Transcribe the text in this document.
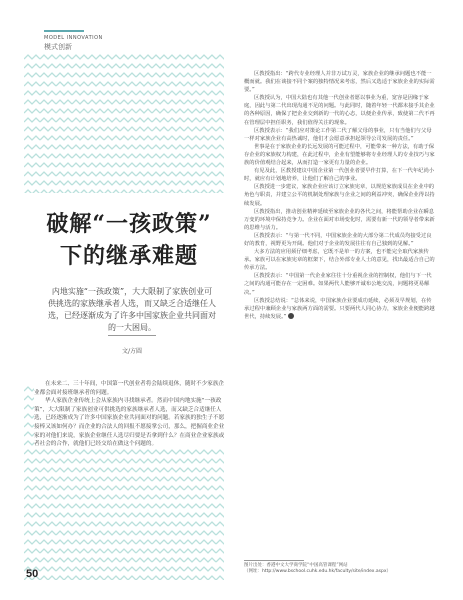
MODEL INNOVATION
模式创新
破解“一孩政策”
下的继承难题
内地实施“一孩政策”，大大限制了家族创业可供挑选的家族继承者人选，而又缺乏合适继任人选，已经逐渐成为了许多中国家族企业共同面对的一大困局。
文/方圆

在未来二、三十年间，中国第一代创业者将会陆续退休，随时不少家族企业都会面对接班继承者的问题。

华人家族企业传统上会从家族内寻找继承者。然而中国内地实施“一孩政策”，大大限制了家族创业可供挑选的家族继承者人选，而又缺乏合适继任人选，已经逐渐成为了许多中国家族企业共同面对的问题。若家族的独生子不愿接棒又该如何办？而企业的合法人的回报不愿接掌公司，那么，把握商业企业家的对他们来说，家族企业继任人选尽归要是否拿到什么？在商业企业家族或者社会的合作，就他们已经交给在做这个问题的。

区教授指出：“跨代专业经理人并非万试万灵，家族企业的继承问题也不能一概而就。我们在谈接不同个案的独特情况来考虑，然后又选适于家族企业的实际需要。”

区教授认为，中国大陆也有其他一代创业者愿以事业为重，宽容是因缘于家庭，因此与第二代出现沟通不足的问题。与此同时，随着年轻一代都未接手其企业的各种原因，确保了把企业交到新的一代的心态，以便企业传承，致使第二代不再在管理层中担任职务，我们值得关注的现象。

区教授表示：“我们应对策论工作第二代了解父母的事业，只有当他们与父母一样对家族企业有高热诚时，他们才会愿意承担起领导公司发展的责任。”

世事是在于家族企业的长远发展的可能过程中，可能带来一种方法，有助于保存企业的家族权力构建，在此过程中，企业有望能够将专业经理人的专业技巧与家族的价值观结合起来，从而打造一家更有力量的企业。

有见及此，区教授建议中国企业第一代创业者要早作打算，在下一代年纪尚小时，就应有计划地培养，让他们了解自己的事业。

区教授进一步建议，家族企业应该订立家族宪章，以规范家族成员在企业中的角色与职责，并建立公平的机制处理家族与企业之间的利益冲突，确保企业得以持续发展。

区教授指出，推动创业精神延续至家族企业的各代之间，将能帮助企业在瞬息万变的环境中保持竞争力。企业在面对市场变化时，需要有新一代的领导者带来新的思维与活力。

区教授表示：“与第一代不同，中国家族企业的大部分第二代成员均接受过良好的教育，视野更为开阔。他们对于企业的发展往往有自己独到的见解。”

大多方法的应用须仔细考虑，它既不是单一的方案，也不能完全取代家族传承。家族可以在家族宪章的框架下，结合外部专业人士的意见，找出最适合自己的传承方法。

区教授表示：“中国第一代企业家往往十分重视企业的控制权，他们与下一代之间的沟通可能存在一定困难。如果两代人能够开诚布公地交流，问题将更易解决。”

区教授总结说：“总体来说，中国家族企业要成功延续，必须及早规划，在传承过程中兼顾企业与家族两方面的需要。只要两代人同心协力，家族企业便能跨越世代，持续发展。”

图片出处：香港中文大学商学院“中国高管课程”网站
（网址：http://www.bschool.cuhk.edu.hk/faculty/site/index.aspx）
50
